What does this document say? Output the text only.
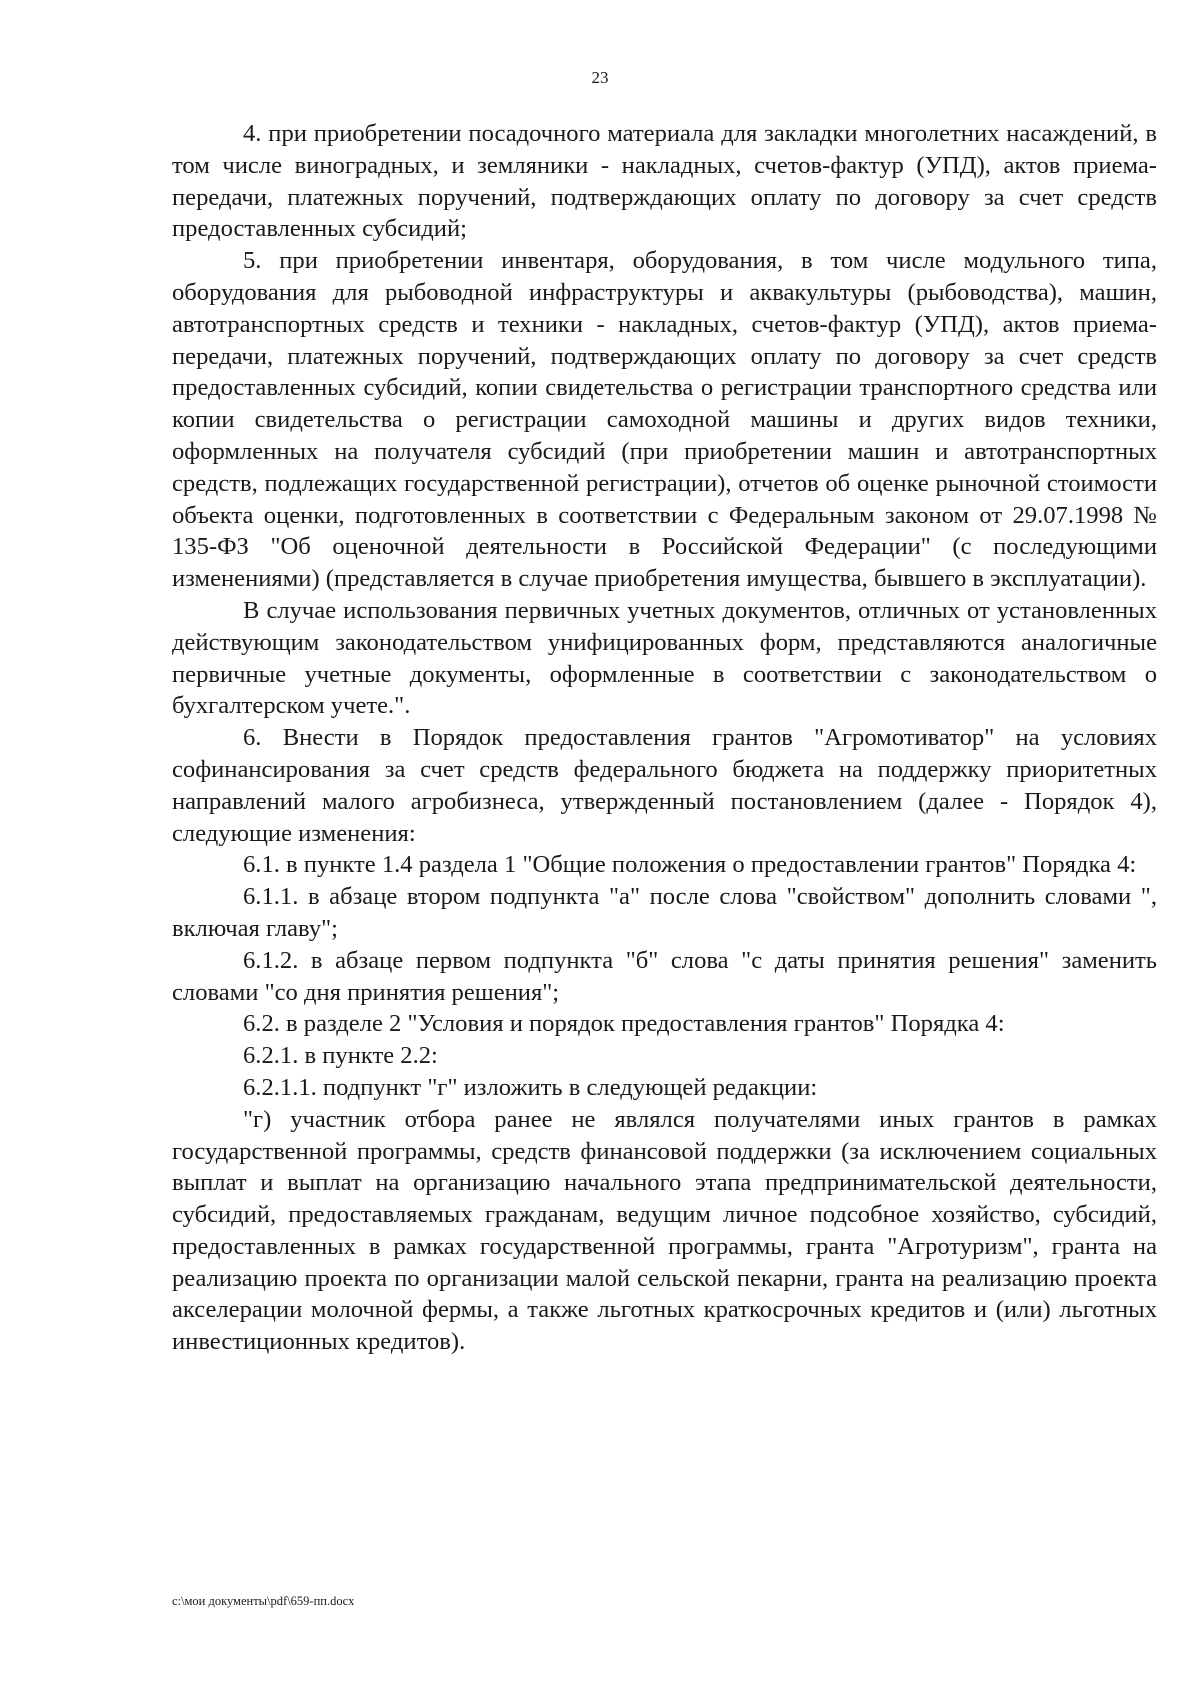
23

4. при приобретении посадочного материала для закладки многолетних насаждений, в том числе виноградных, и земляники - накладных, счетов-фактур (УПД), актов приема-передачи, платежных поручений, подтверждающих оплату по договору за счет средств предоставленных субсидий;

5. при приобретении инвентаря, оборудования, в том числе модульного типа, оборудования для рыбоводной инфраструктуры и аквакультуры (рыбоводства), машин, автотранспортных средств и техники - накладных, счетов-фактур (УПД), актов приема-передачи, платежных поручений, подтверждающих оплату по договору за счет средств предоставленных субсидий, копии свидетельства о регистрации транспортного средства или копии свидетельства о регистрации самоходной машины и других видов техники, оформленных на получателя субсидий (при приобретении машин и автотранспортных средств, подлежащих государственной регистрации), отчетов об оценке рыночной стоимости объекта оценки, подготовленных в соответствии с Федеральным законом от 29.07.1998 № 135-ФЗ "Об оценочной деятельности в Российской Федерации" (с последующими изменениями) (представляется в случае приобретения имущества, бывшего в эксплуатации).

В случае использования первичных учетных документов, отличных от установленных действующим законодательством унифицированных форм, представляются аналогичные первичные учетные документы, оформленные в соответствии с законодательством о бухгалтерском учете.".

6. Внести в Порядок предоставления грантов "Агромотиватор" на условиях софинансирования за счет средств федерального бюджета на поддержку приоритетных направлений малого агробизнеса, утвержденный постановлением (далее - Порядок 4), следующие изменения:

6.1. в пункте 1.4 раздела 1 "Общие положения о предоставлении грантов" Порядка 4:

6.1.1. в абзаце втором подпункта "а" после слова "свойством" дополнить словами ", включая главу";

6.1.2. в абзаце первом подпункта "б" слова "с даты принятия решения" заменить словами "со дня принятия решения";

6.2. в разделе 2 "Условия и порядок предоставления грантов" Порядка 4:

6.2.1. в пункте 2.2:

6.2.1.1. подпункт "г" изложить в следующей редакции:

"г) участник отбора ранее не являлся получателями иных грантов в рамках государственной программы, средств финансовой поддержки (за исключением социальных выплат и выплат на организацию начального этапа предпринимательской деятельности, субсидий, предоставляемых гражданам, ведущим личное подсобное хозяйство, субсидий, предоставленных в рамках государственной программы, гранта "Агротуризм", гранта на реализацию проекта по организации малой сельской пекарни, гранта на реализацию проекта акселерации молочной фермы, а также льготных краткосрочных кредитов и (или) льготных инвестиционных кредитов).

c:\мои документы\pdf\659-пп.docx
